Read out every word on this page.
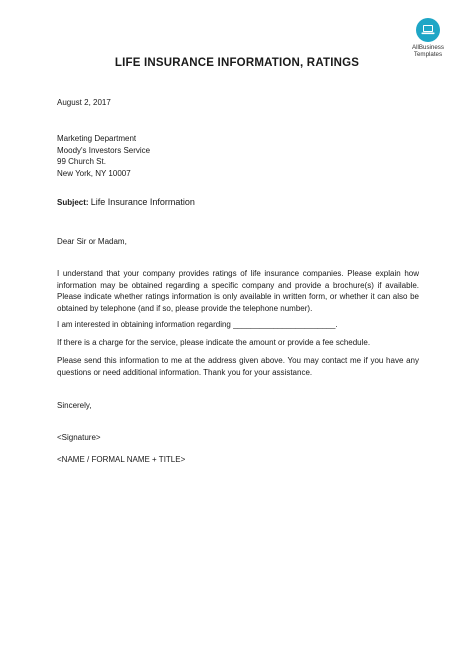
AllBusiness
Templates
LIFE INSURANCE INFORMATION, RATINGS

August 2, 2017

Marketing Department

Moody's Investors Service

99 Church St.

New York, NY 10007

Subject: Life Insurance Information

Dear Sir or Madam,

I understand that your company provides ratings of life insurance companies. Please explain how information may be obtained regarding a specific company and provide a brochure(s) if available. Please indicate whether ratings information is only available in written form, or whether it can also be obtained by telephone (and if so, please provide the telephone number).

I am interested in obtaining information regarding _______________________.

If there is a charge for the service, please indicate the amount or provide a fee schedule.

Please send this information to me at the address given above. You may contact me if you have any questions or need additional information. Thank you for your assistance.

Sincerely,

<Signature>

<NAME / FORMAL NAME + TITLE>
